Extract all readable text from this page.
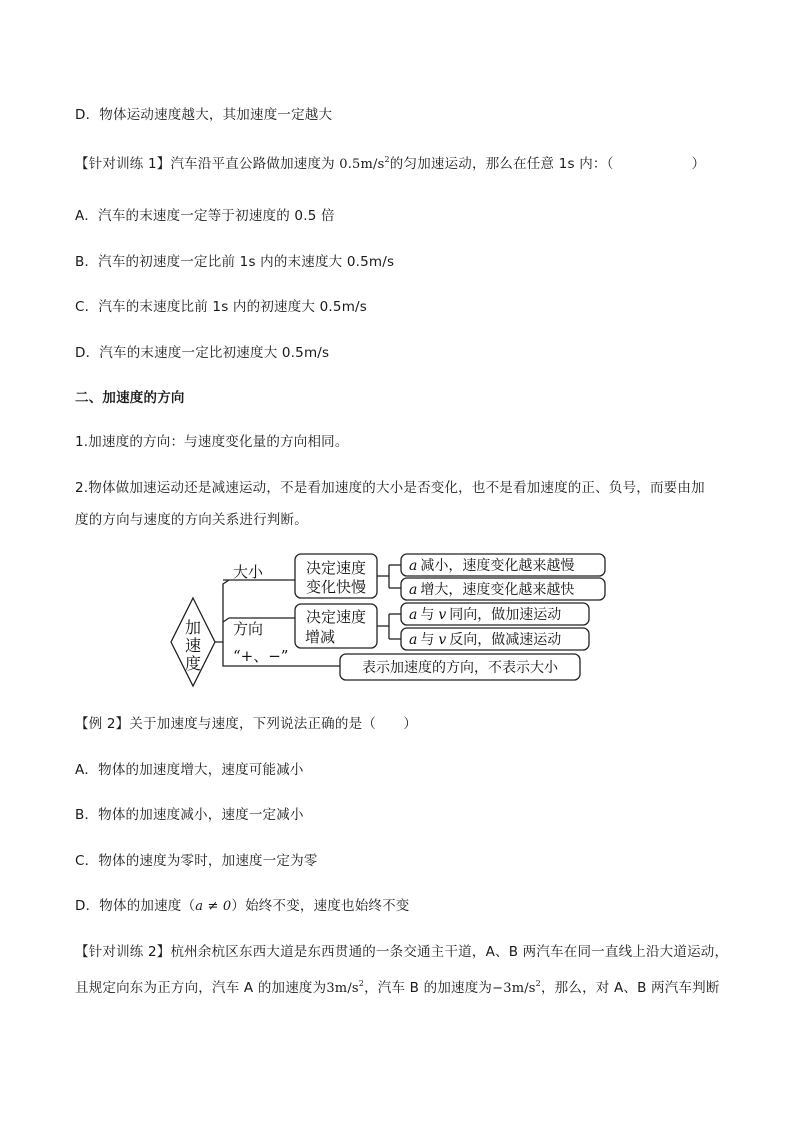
D．物体运动速度越大，其加速度一定越大
【针对训练 1】汽车沿平直公路做加速度为 $0.5m/s^2$的匀加速运动，那么在任意 1s 内：（	）
A．汽车的末速度一定等于初速度的 0.5 倍
B．汽车的初速度一定比前 1s 内的末速度大 0.5m/s
C．汽车的末速度比前 1s 内的初速度大 0.5m/s
D．汽车的末速度一定比初速度大 0.5m/s
二、加速度的方向
1.加速度的方向：与速度变化量的方向相同。
2.物体做加速运动还是减速运动，不是看加速度的大小是否变化，也不是看加速度的正、负号，而要由加
度的方向与速度的方向关系进行判断。
加
速
度
大小
方向
“+、−”
决定速度
变化快慢
决定速度
增减
a 减小，速度变化越来越慢
a 增大，速度变化越来越快
a 与 v 同向，做加速运动
a 与 v 反向，做减速运动
表示加速度的方向，不表示大小
【例 2】关于加速度与速度，下列说法正确的是（　　）
A．物体的加速度增大，速度可能减小
B．物体的加速度减小，速度一定减小
C．物体的速度为零时，加速度一定为零
D．物体的加速度（a ≠ 0）始终不变，速度也始终不变
【针对训练 2】杭州余杭区东西大道是东西贯通的一条交通主干道，A、B 两汽车在同一直线上沿大道运动，
且规定向东为正方向，汽车 A 的加速度为$3m/s^2$，汽车 B 的加速度为$-3m/s^2$，那么，对 A、B 两汽车判断
